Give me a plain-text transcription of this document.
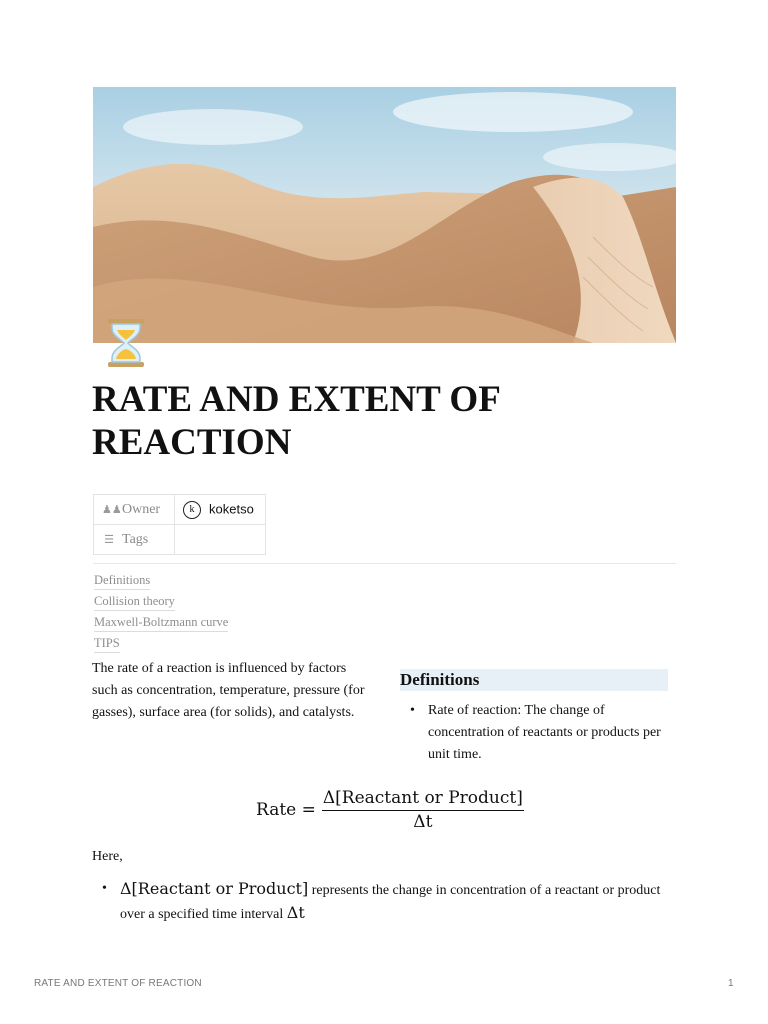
RATE AND EXTENT OF REACTION
♟♟Owner	k koketso
☰ Tags	
Definitions
Collision theory
Maxwell-Boltzmann curve
TIPS

The rate of a reaction is influenced by factors such as concentration, temperature, pressure (for gasses), surface area (for solids), and catalysts.

Definitions
• Rate of reaction: The change of concentration of reactants or products per unit time.
Rate = $\frac{\text{Δ[Reactant or Product]}}{\Delta t}$

Here,

• Δ[Reactant or Product] represents the change in concentration of a reactant or product over a specified time interval Δt
RATE AND EXTENT OF REACTION	1
